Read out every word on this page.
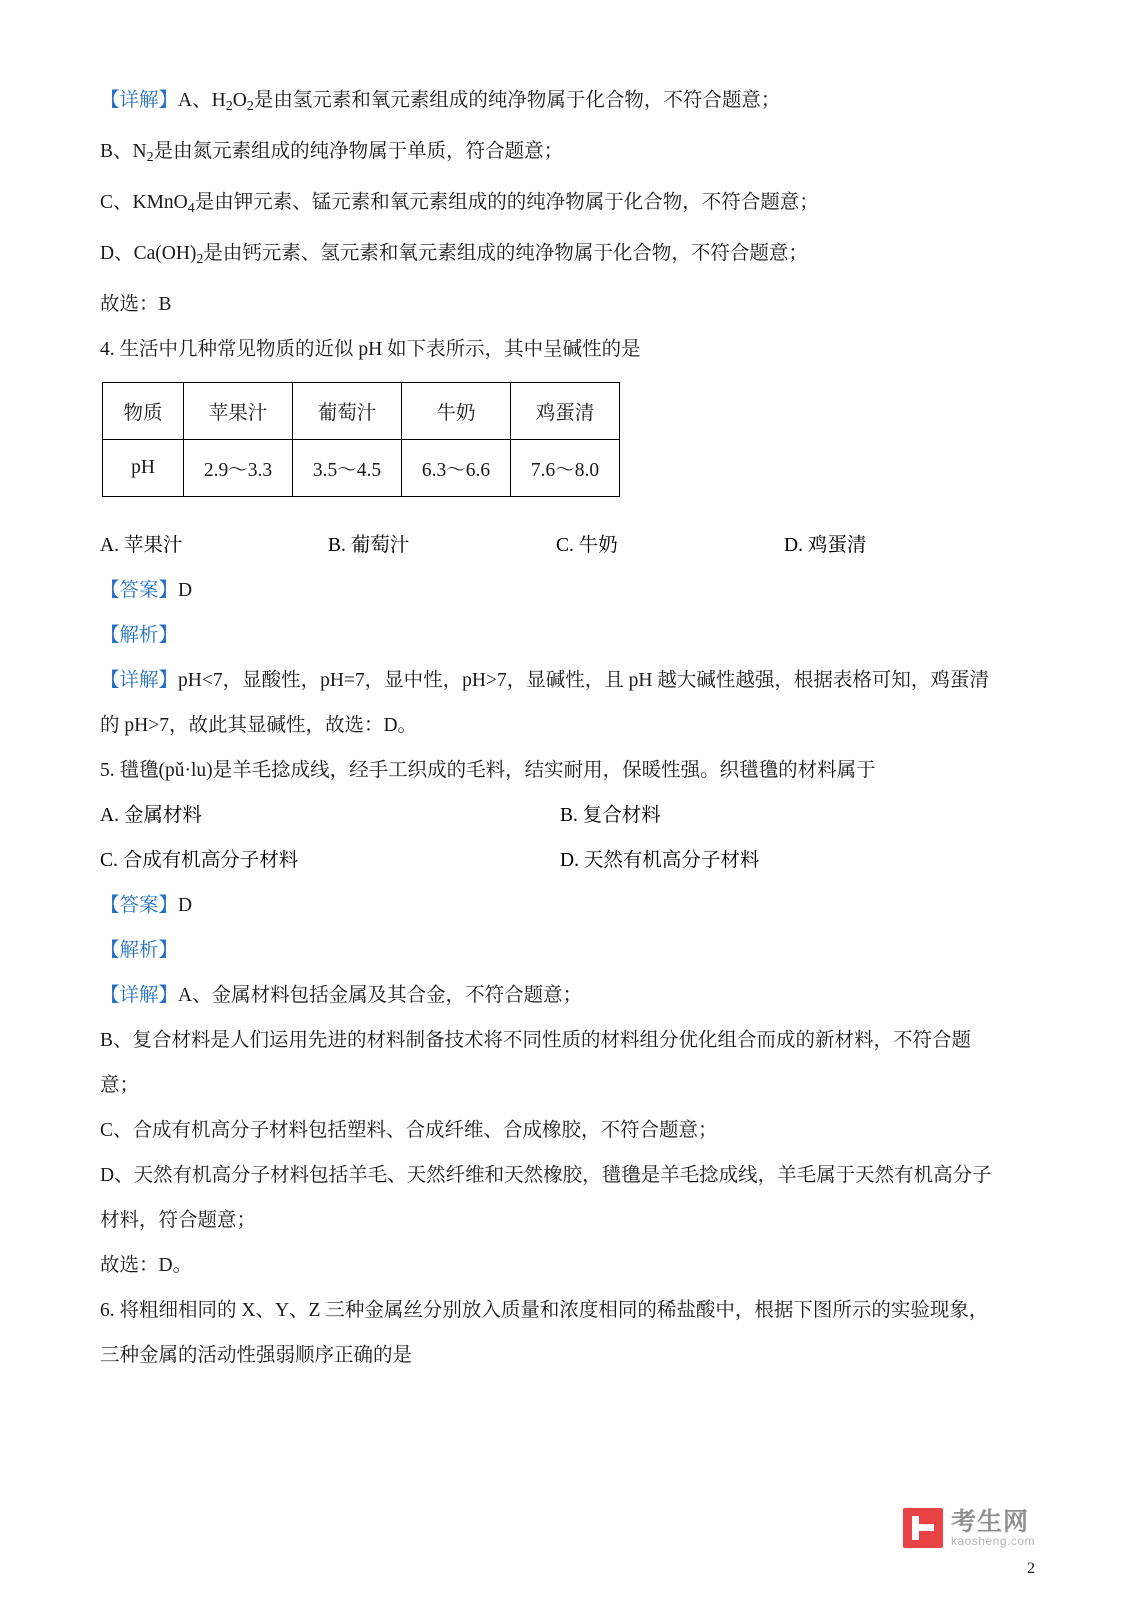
【详解】A、$H_2O_2$是由氢元素和氧元素组成的纯净物属于化合物，不符合题意；

B、$N_2$是由氮元素组成的纯净物属于单质，符合题意；

C、KMnO$_4$是由钾元素、锰元素和氧元素组成的的纯净物属于化合物，不符合题意；

D、$Ca(OH)_2$是由钙元素、氢元素和氧元素组成的纯净物属于化合物，不符合题意；

故选：B

4. 生活中几种常见物质的近似 pH 如下表所示，其中呈碱性的是

物质	苹果汁	葡萄汁	牛奶	鸡蛋清
pH	2.9～3.3	3.5～4.5	6.3～6.6	7.6～8.0
A. 苹果汁	B. 葡萄汁	C. 牛奶	D. 鸡蛋清

【答案】D

【解析】

【详解】pH<7，显酸性，pH=7，显中性，pH>7，显碱性，且 pH 越大碱性越强，根据表格可知，鸡蛋清

的 pH>7，故此其显碱性，故选：D。

5. 氆氇(pǔ·lu)是羊毛捻成线，经手工织成的毛料，结实耐用，保暖性强。织氆氇的材料属于

A. 金属材料	B. 复合材料
C. 合成有机高分子材料	D. 天然有机高分子材料

【答案】D

【解析】

【详解】A、金属材料包括金属及其合金，不符合题意；

B、复合材料是人们运用先进的材料制备技术将不同性质的材料组分优化组合而成的新材料，不符合题

意；

C、合成有机高分子材料包括塑料、合成纤维、合成橡胶，不符合题意；

D、天然有机高分子材料包括羊毛、天然纤维和天然橡胶，氆氇是羊毛捻成线，羊毛属于天然有机高分子

材料，符合题意；

故选：D。

6. 将粗细相同的 X、Y、Z 三种金属丝分别放入质量和浓度相同的稀盐酸中，根据下图所示的实验现象，

三种金属的活动性强弱顺序正确的是

考生网
kaosheng.com
2
